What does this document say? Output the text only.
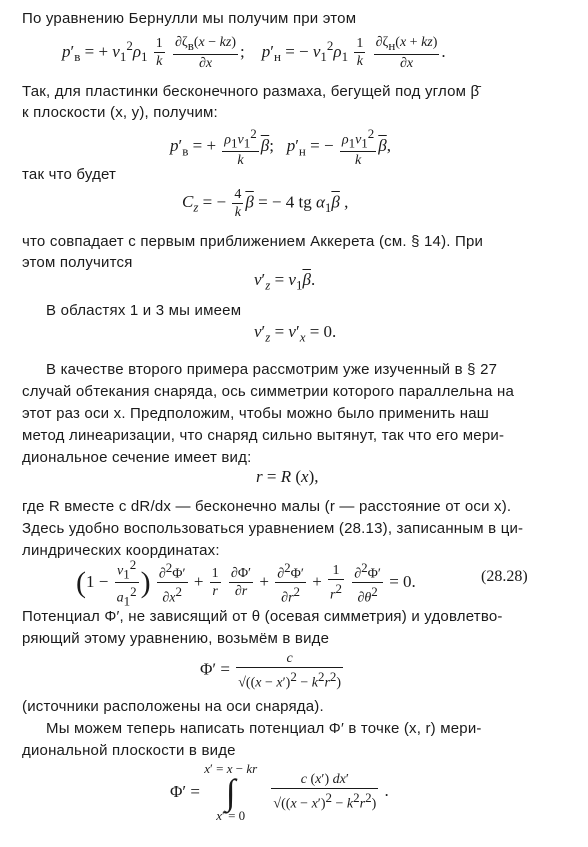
По уравнению Бернулли мы получим при этом
$p'_в$ = + $v_1^2\rho_1 \frac{1}{k}$
$\frac{\partial\zeta_в(x - kz)}{\partial x}$ ;    $p'_н$ = − $v_1^2\rho_1 \frac{1}{k}$
$\frac{\partial\zeta_н(x + kz)}{\partial x}$ .
Так, для пластинки бесконечного размаха, бегущей под углом β̄
к плоскости (x, y), получим:
$p'_в$ = + $\frac{\rho_1v_1^2}{k} \overline{\beta}$;   $p'_н$ = − $\frac{\rho_1v_1^2}{k} \overline{\beta}$,
так что будет
$C_z$ = − $\frac{4}{k} \overline{\beta}$ = − 4 tg $\alpha_1\overline{\beta}$ ,
что совпадает с первым приближением Аккерета (см. § 14). При
этом получится
$v'_z = v_1\overline{\beta}$.
В областях 1 и 3 мы имеем
$v'_z = v'_x = 0$.
В качестве второго примера рассмотрим уже изученный в § 27
случай обтекания снаряда, ось симметрии которого параллельна на
этот раз оси x. Предположим, чтобы можно было применить наш
метод линеаризации, что снаряд сильно вытянут, так что его мери-
диональное сечение имеет вид:
r = R (x),
где R вместе с dR/dx — бесконечно малы (r — расстояние от оси x).
Здесь удобно воспользоваться уравнением (28.13), записанным в ци-
линдрических координатах:
($1 - \frac{v_1^2}{a_1^2}$ ) $\frac{\partial^2\Phi'}{\partial x^2} + \frac{1}{r}$
$\frac{\partial\Phi'}{\partial r} + \frac{\partial^2\Phi'}{\partial r^2} + \frac{1}{r^2}$
$\frac{\partial^2\Phi'}{\partial\theta^2} = 0$.	(28.28)
Потенциал Φ′, не зависящий от θ (осевая симметрия) и удовлетво-
ряющий этому уравнению, возьмём в виде
$\Phi' = \frac{c}{√((x - x')^2 - k^2r^2)}$
(источники расположены на оси снаряда).
Мы можем теперь написать потенциал Φ′ в точке (x, r) мери-
диональной плоскости в виде
Φ′ =
x′ = x − kr
∫
x′ = 0

$\frac{c (x') dx'}{√((x - x')^2 - k^2r^2)}$ .
